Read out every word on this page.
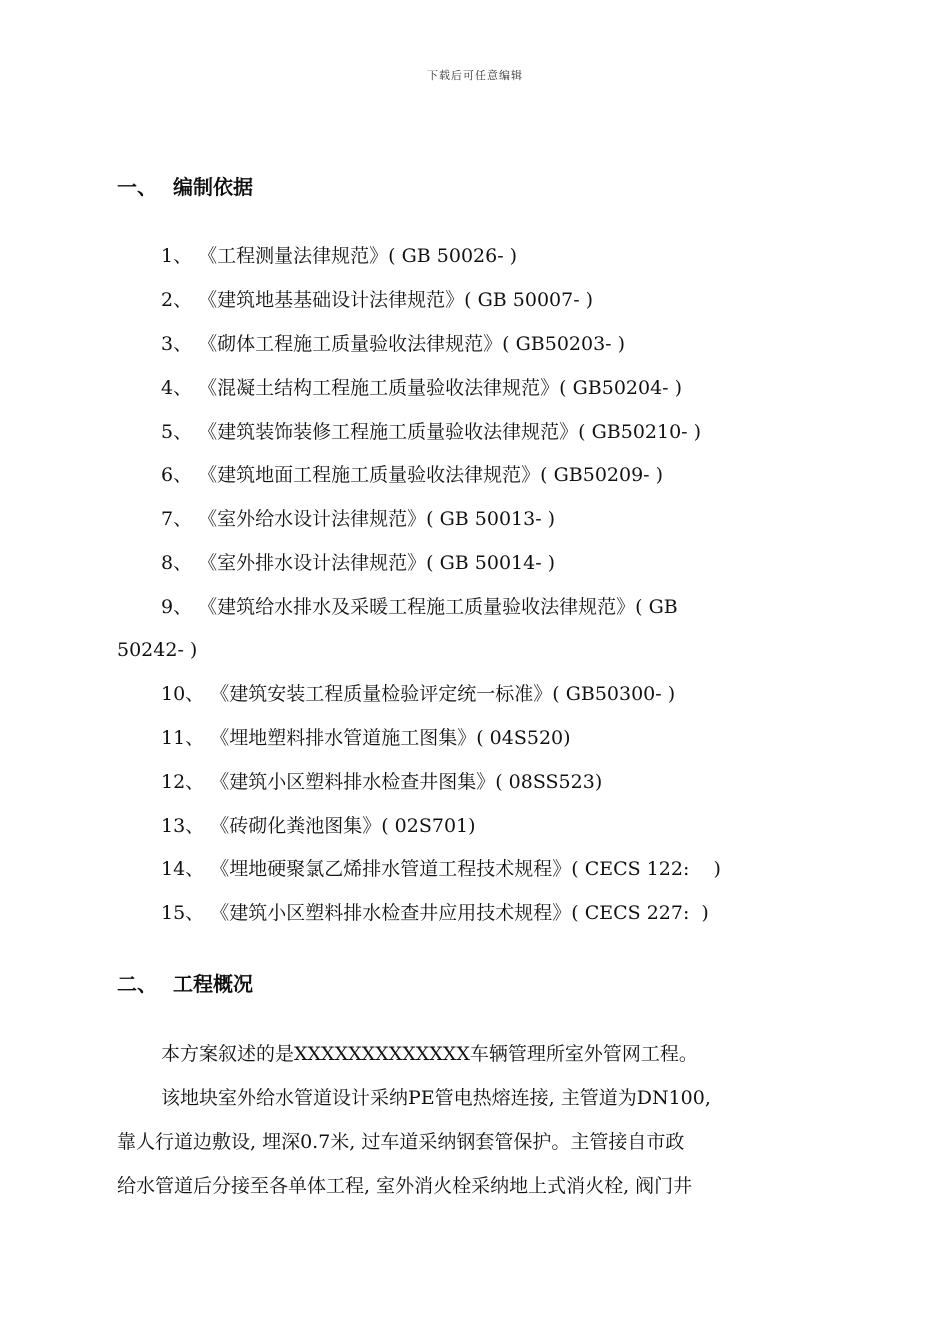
下载后可任意编辑
一、 编制依据
1、 《工程测量法律规范》( GB 50026- )
2、 《建筑地基基础设计法律规范》( GB 50007- )
3、 《砌体工程施工质量验收法律规范》( GB50203- )
4、 《混凝土结构工程施工质量验收法律规范》( GB50204- )
5、 《建筑装饰装修工程施工质量验收法律规范》( GB50210- )
6、 《建筑地面工程施工质量验收法律规范》( GB50209- )
7、 《室外给水设计法律规范》( GB 50013- )
8、 《室外排水设计法律规范》( GB 50014- )
9、 《建筑给水排水及采暖工程施工质量验收法律规范》( GB
50242- )
10、 《建筑安装工程质量检验评定统一标准》( GB50300- )
11、 《埋地塑料排水管道施工图集》( 04S520)
12、 《建筑小区塑料排水检查井图集》( 08SS523)
13、 《砖砌化粪池图集》( 02S701)
14、 《埋地硬聚氯乙烯排水管道工程技术规程》( CECS 122:    )
15、 《建筑小区塑料排水检查井应用技术规程》( CECS 227:  )
二、 工程概况
本方案叙述的是XXXXXXXXXXXXX车辆管理所室外管网工程。
该地块室外给水管道设计采纳PE管电热熔连接, 主管道为DN100,
靠人行道边敷设, 埋深0.7米, 过车道采纳钢套管保护。主管接自市政
给水管道后分接至各单体工程, 室外消火栓采纳地上式消火栓, 阀门井
